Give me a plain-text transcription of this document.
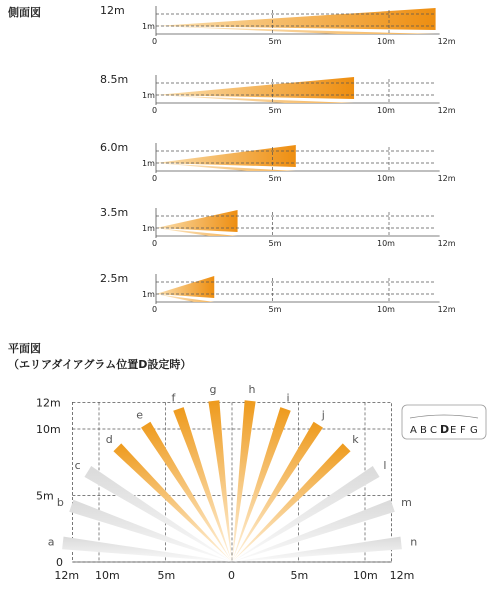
側面図	12m
1m
0	5m	10m	12m
8.5m
1m
0	5m	10m	12m
6.0m
1m
0	5m	10m	12m
3.5m
1m
0	5m	10m	12m
2.5m
1m
0	5m	10m	12m
平面図
（エリアダイアグラム位置D設定時）
a
b
c
d
e
f
g	h
i
j
k
l
m
n
12m
10m
5m
0
12m 10m	5m	0	5m	10m 12m
A B C D E F G
